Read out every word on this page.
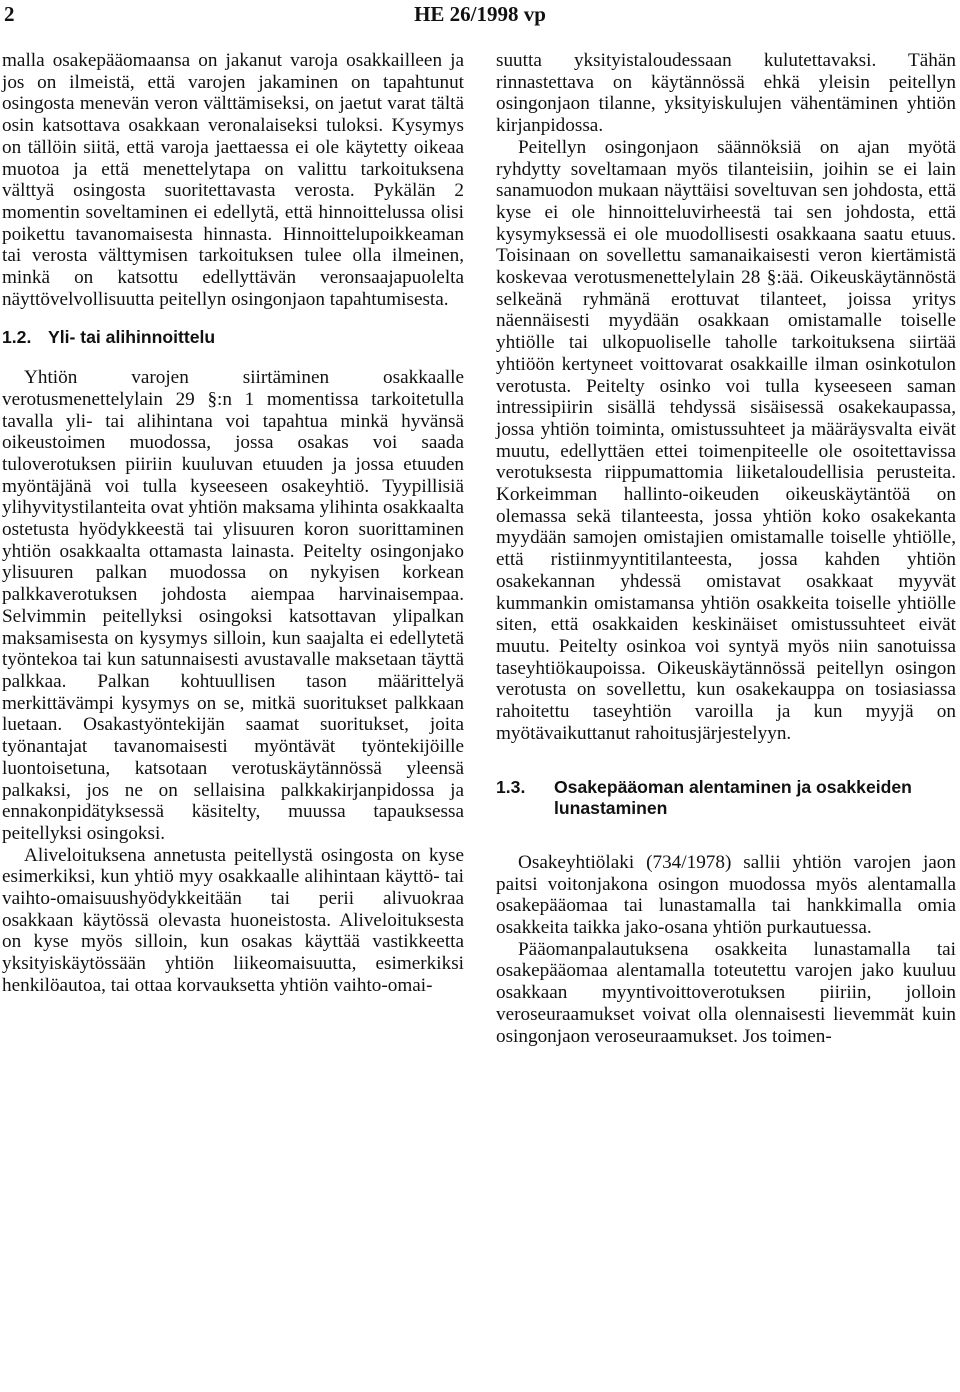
2	HE 26/1998 vp

malla osakepääomaansa on jakanut varoja osakkailleen ja jos on ilmeistä, että varojen jakaminen on tapahtunut osingosta menevän veron välttämiseksi, on jaetut varat tältä osin katsottava osakkaan veronalaiseksi tuloksi. Kysymys on tällöin siitä, että varoja jaettaessa ei ole käytetty oikeaa muotoa ja että menettelytapa on valittu tarkoituksena välttyä osingosta suoritettavasta verosta. Pykälän 2 momentin soveltaminen ei edellytä, että hinnoittelussa olisi poikettu tavanomaisesta hinnasta. Hinnoittelupoikkeaman tai verosta välttymisen tarkoituksen tulee olla ilmeinen, minkä on katsottu edellyttävän veronsaajapuolelta näyttövelvollisuutta peitellyn osingonjaon tapahtumisesta.

1.2. Yli- tai alihinnoittelu

Yhtiön varojen siirtäminen osakkaalle verotusmenettelylain 29 §:n 1 momentissa tarkoitetulla tavalla yli- tai alihintana voi tapahtua minkä hyvänsä oikeustoimen muodossa, jossa osakas voi saada tuloverotuksen piiriin kuuluvan etuuden ja jossa etuuden myöntäjänä voi tulla kyseeseen osakeyhtiö. Tyypillisiä ylihyvitystilanteita ovat yhtiön maksama ylihinta osakkaalta ostetusta hyödykkeestä tai ylisuuren koron suorittaminen yhtiön osakkaalta ottamasta lainasta. Peitelty osingonjako ylisuuren palkan muodossa on nykyisen korkean palkkaverotuksen johdosta aiempaa harvinaisempaa. Selvimmin peitellyksi osingoksi katsottavan ylipalkan maksamisesta on kysymys silloin, kun saajalta ei edellytetä työntekoa tai kun satunnaisesti avustavalle maksetaan täyttä palkkaa. Palkan kohtuullisen tason määrittelyä merkittävämpi kysymys on se, mitkä suoritukset palkkaan luetaan. Osakastyöntekijän saamat suoritukset, joita työnantajat tavanomaisesti myöntävät työntekijöille luontoisetuna, katsotaan verotuskäytännössä yleensä palkaksi, jos ne on sellaisina palkkakirjanpidossa ja ennakonpidätyksessä käsitelty, muussa tapauksessa peitellyksi osingoksi.

Aliveloituksena annetusta peitellystä osingosta on kyse esimerkiksi, kun yhtiö myy osakkaalle alihintaan käyttö- tai vaihto-omaisuushyödykkeitään tai perii alivuokraa osakkaan käytössä olevasta huoneistosta. Aliveloituksesta on kyse myös silloin, kun osakas käyttää vastikkeetta yksityiskäytössään yhtiön liikeomaisuutta, esimerkiksi henkilöautoa, tai ottaa korvauksetta yhtiön vaihto-omai-

suutta yksityistaloudessaan kulutettavaksi. Tähän rinnastettava on käytännössä ehkä yleisin peitellyn osingonjaon tilanne, yksityiskulujen vähentäminen yhtiön kirjanpidossa.

Peitellyn osingonjaon säännöksiä on ajan myötä ryhdytty soveltamaan myös tilanteisiin, joihin se ei lain sanamuodon mukaan näyttäisi soveltuvan sen johdosta, että kyse ei ole hinnoitteluvirheestä tai sen johdosta, että kysymyksessä ei ole muodollisesti osakkaana saatu etuus. Toisinaan on sovellettu samanaikaisesti veron kiertämistä koskevaa verotusmenettelylain 28 §:ää. Oikeuskäytännöstä selkeänä ryhmänä erottuvat tilanteet, joissa yritys näennäisesti myydään osakkaan omistamalle toiselle yhtiölle tai ulkopuoliselle taholle tarkoituksena siirtää yhtiöön kertyneet voittovarat osakkaille ilman osinkotulon verotusta. Peitelty osinko voi tulla kyseeseen saman intressipiirin sisällä tehdyssä sisäisessä osakekaupassa, jossa yhtiön toiminta, omistussuhteet ja määräysvalta eivät muutu, edellyttäen ettei toimenpiteelle ole osoitettavissa verotuksesta riippumattomia liiketaloudellisia perusteita. Korkeimman hallinto-oikeuden oikeuskäytäntöä on olemassa sekä tilanteesta, jossa yhtiön koko osakekanta myydään samojen omistajien omistamalle toiselle yhtiölle, että ristiinmyyntitilanteesta, jossa kahden yhtiön osakekannan yhdessä omistavat osakkaat myyvät kummankin omistamansa yhtiön osakkeita toiselle yhtiölle siten, että osakkaiden keskinäiset omistussuhteet eivät muutu. Peitelty osinkoa voi syntyä myös niin sanotuissa taseyhtiökaupoissa. Oikeuskäytännössä peitellyn osingon verotusta on sovellettu, kun osakekauppa on tosiasiassa rahoitettu taseyhtiön varoilla ja kun myyjä on myötävaikuttanut rahoitusjärjestelyyn.

1.3.	Osakepääoman alentaminen ja osakkeiden lunastaminen

Osakeyhtiölaki (734/1978) sallii yhtiön varojen jaon paitsi voitonjakona osingon muodossa myös alentamalla osakepääomaa tai lunastamalla tai hankkimalla omia osakkeita taikka jako-osana yhtiön purkautuessa.

Pääomanpalautuksena osakkeita lunastamalla tai osakepääomaa alentamalla toteutettu varojen jako kuuluu osakkaan myyntivoittoverotuksen piiriin, jolloin veroseuraamukset voivat olla olennaisesti lievemmät kuin osingonjaon veroseuraamukset. Jos toimen-
